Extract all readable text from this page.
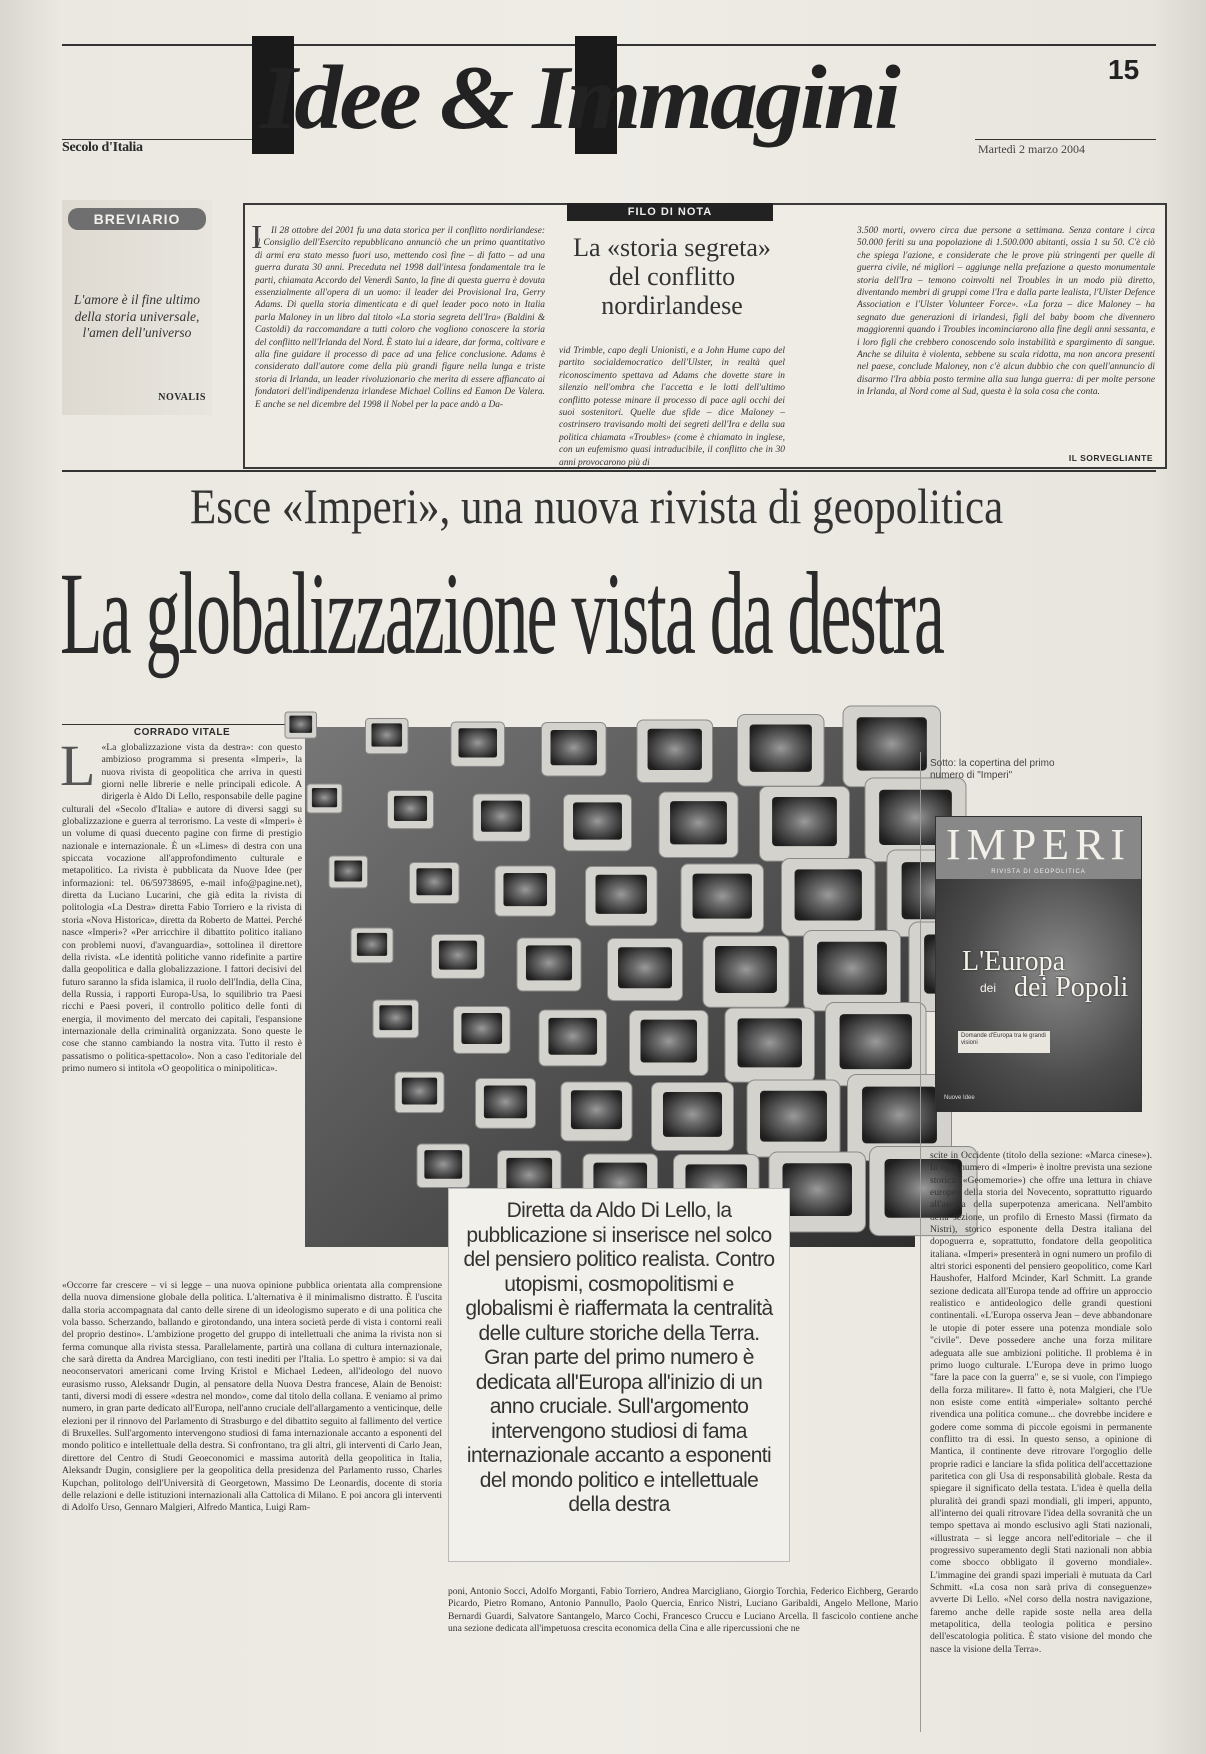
15
Secolo d'Italia Idee & Immagini
Martedì 2 marzo 2004
BREVIARIO
L'amore è il fine ultimo della storia universale, l'amen dell'universo
NOVALIS
I Il 28 ottobre del 2001 fu una data storica per il conflitto nordirlandese: il Consiglio dell'Esercito repubblicano annunciò che un primo quantitativo di armi era stato messo fuori uso, mettendo così fine – di fatto – ad una guerra durata 30 anni. Preceduta nel 1998 dall'intesa fondamentale tra le parti, chiamata Accordo del Venerdì Santo, la fine di questa guerra è dovuta essenzialmente all'opera di un uomo: il leader dei Provisional Ira, Gerry Adams. Di quella storia dimenticata e di quel leader poco noto in Italia parla Maloney in un libro dal titolo «La storia segreta dell'Ira» (Baldini & Castoldi) da raccomandare a tutti coloro che vogliono conoscere la storia del conflitto nell'Irlanda del Nord. È stato lui a ideare, dar forma, coltivare e alla fine guidare il processo di pace ad una felice conclusione. Adams è considerato dall'autore come della più grandi figure nella lunga e triste storia di Irlanda, un leader rivoluzionario che merita di essere affiancato ai fondatori dell'indipendenza irlandese Michael Collins ed Eamon De Valera. E anche se nel dicembre del 1998 il Nobel per la pace andò a Da-
FILO DI NOTA
La «storia segreta» del conflitto nordirlandese
vid Trimble, capo degli Unionisti, e a John Hume capo del partito socialdemocratico dell'Ulster, in realtà quel riconoscimento spettava ad Adams che dovette stare in silenzio nell'ombra che l'accetta e le lotti dell'ultimo conflitto potesse minare il processo di pace agli occhi dei suoi sostenitori. Quelle due sfide – dice Maloney – costrinsero travisando molti dei segreti dell'Ira e della sua politica chiamata «Troubles» (come è chiamato in inglese, con un eufemismo quasi intraducibile, il conflitto che in 30 anni provocarono più di
3.500 morti, ovvero circa due persone a settimana. Senza contare i circa 50.000 feriti su una popolazione di 1.500.000 abitanti, ossia 1 su 50. C'è ciò che spiega l'azione, e considerate che le prove più stringenti per quelle di guerra civile, né migliori – aggiunge nella prefazione a questo monumentale storia dell'Ira – temono coinvolti nel Troubles in un modo più diretto, diventando membri di gruppi come l'Ira e dalla parte lealista, l'Ulster Defence Association e l'Ulster Volunteer Force». «La forza – dice Maloney – ha segnato due generazioni di irlandesi, figli del baby boom che divennero maggiorenni quando i Troubles incominciarono alla fine degli anni sessanta, e i loro figli che crebbero conoscendo solo instabilità e spargimento di sangue. Anche se diluita è violenta, sebbene su scala ridotta, ma non ancora presenti nel paese, conclude Maloney, non c'è alcun dubbio che con quell'annuncio di disarmo l'Ira abbia posto termine alla sua lunga guerra: di per molte persone in Irlanda, al Nord come al Sud, questa è la sola cosa che conta.
IL SORVEGLIANTE
Esce «Imperi», una nuova rivista di geopolitica
La globalizzazione vista da destra
CORRADO VITALE
L «La globalizzazione vista da destra»: con questo ambizioso programma si presenta «Imperi», la nuova rivista di geopolitica che arriva in questi giorni nelle librerie e nelle principali edicole. A dirigerla è Aldo Di Lello, responsabile delle pagine culturali del «Secolo d'Italia» e autore di diversi saggi su globalizzazione e guerra al terrorismo. La veste di «Imperi» è un volume di quasi duecento pagine con firme di prestigio nazionale e internazionale. È un «Limes» di destra con una spiccata vocazione all'approfondimento culturale e metapolitico. La rivista è pubblicata da Nuove Idee (per informazioni: tel. 06/59738695, e-mail info@pagine.net), diretta da Luciano Lucarini, che già edita la rivista di politologia «La Destra» diretta Fabio Torriero e la rivista di storia «Nova Historica», diretta da Roberto de Mattei. Perché nasce «Imperi»? «Per arricchire il dibattito politico italiano con problemi nuovi, d'avanguardia», sottolinea il direttore della rivista. «Le identità politiche vanno ridefinite a partire dalla geopolitica e dalla globalizzazione. I fattori decisivi del futuro saranno la sfida islamica, il ruolo dell'India, della Cina, della Russia, i rapporti Europa-Usa, lo squilibrio tra Paesi ricchi e Paesi poveri, il controllo politico delle fonti di energia, il movimento del mercato dei capitali, l'espansione internazionale della criminalità organizzata. Sono queste le cose che stanno cambiando la nostra vita. Tutto il resto è passatismo o politica-spettacolo». Non a caso l'editoriale del primo numero si intitola «O geopolitica o minipolitica».
Diretta da Aldo Di Lello, la pubblicazione si inserisce nel solco del pensiero politico realista. Contro utopismi, cosmopolitismi e globalismi è riaffermata la centralità delle culture storiche della Terra. Gran parte del primo numero è dedicata all'Europa all'inizio di un anno cruciale. Sull'argomento intervengono studiosi di fama internazionale accanto a esponenti del mondo politico e intellettuale della destra
Sotto: la copertina del primo numero di "Imperi"
IMPERI
RIVISTA DI GEOPOLITICA
L'Europa
dei dei Popoli
Domande d'Europa tra le grandi visioni
Nuove Idee
scite in Occidente (titolo della sezione: «Marca cinese»). In ogni numero di «Imperi» è inoltre prevista una sezione storica («Geomemorie») che offre una lettura in chiave europea della storia del Novecento, soprattutto riguardo all'ascesa della superpotenza americana. Nell'ambito della sezione, un profilo di Ernesto Massi (firmato da Nistri), storico esponente della Destra italiana del dopoguerra e, soprattutto, fondatore della geopolitica italiana. «Imperi» presenterà in ogni numero un profilo di altri storici esponenti del pensiero geopolitico, come Karl Haushofer, Halford Mcinder, Karl Schmitt. La grande sezione dedicata all'Europa tende ad offrire un approccio realistico e antideologico delle grandi questioni continentali. «L'Europa osserva Jean – deve abbandonare le utopie di poter essere una potenza mondiale solo "civile". Deve possedere anche una forza militare adeguata alle sue ambizioni politiche. Il problema è in primo luogo culturale. L'Europa deve in primo luogo "fare la pace con la guerra" e, se si vuole, con l'impiego della forza militare». Il fatto è, nota Malgieri, che l'Ue non esiste come entità «imperiale» soltanto perché rivendica una politica comune... che dovrebbe incidere e godere come somma di piccole egoismi in permanente conflitto tra di essi. In questo senso, a opinione di Mantica, il continente deve ritrovare l'orgoglio delle proprie radici e lanciare la sfida politica dell'accettazione paritetica con gli Usa di responsabilità globale. Resta da spiegare il significato della testata. L'idea è quella della pluralità dei grandi spazi mondiali, gli imperi, appunto, all'interno dei quali ritrovare l'idea della sovranità che un tempo spettava ai mondo esclusivo agli Stati nazionali, «illustrata – si legge ancora nell'editoriale – che il progressivo superamento degli Stati nazionali non abbia come sbocco obbligato il governo mondiale». L'immagine dei grandi spazi imperiali è mutuata da Carl Schmitt. «La cosa non sarà priva di conseguenze» avverte Di Lello. «Nel corso della nostra navigazione, faremo anche delle rapide soste nella area della metapolitica, della teologia politica e persino dell'escatologia politica. È stato visione del mondo che nasce la visione della Terra».
«Occorre far crescere – vi si legge – una nuova opinione pubblica orientata alla comprensione della nuova dimensione globale della politica. L'alternativa è il minimalismo distratto. È l'uscita dalla storia accompagnata dal canto delle sirene di un ideologismo superato e di una politica che vola basso. Scherzando, ballando e girotondando, una intera società perde di vista i contorni reali del proprio destino». L'ambizione progetto del gruppo di intellettuali che anima la rivista non si ferma comunque alla rivista stessa. Parallelamente, partirà una collana di cultura internazionale, che sarà diretta da Andrea Marcigliano, con testi inediti per l'Italia. Lo spettro è ampio: si va dai neoconservatori americani come Irving Kristol e Michael Ledeen, all'ideologo del nuovo eurasismo russo, Aleksandr Dugin, al pensatore della Nuova Destra francese, Alain de Benoist: tanti, diversi modi di essere «destra nel mondo», come dal titolo della collana. E veniamo al primo numero, in gran parte dedicato all'Europa, nell'anno cruciale dell'allargamento a venticinque, delle elezioni per il rinnovo del Parlamento di Strasburgo e del dibattito seguito al fallimento del vertice di Bruxelles. Sull'argomento intervengono studiosi di fama internazionale accanto a esponenti del mondo politico e intellettuale della destra. Si confrontano, tra gli altri, gli interventi di Carlo Jean, direttore del Centro di Studi Geoeconomici e massima autorità della geopolitica in Italia, Aleksandr Dugin, consigliere per la geopolitica della presidenza del Parlamento russo, Charles Kupchan, politologo dell'Università di Georgetown, Massimo De Leonardis, docente di storia delle relazioni e delle istituzioni internazionali alla Cattolica di Milano. E poi ancora gli interventi di Adolfo Urso, Gennaro Malgieri, Alfredo Mantica, Luigi Ram-
poni, Antonio Socci, Adolfo Morganti, Fabio Torriero, Andrea Marcigliano, Giorgio Torchia, Federico Eichberg, Gerardo Picardo, Pietro Romano, Antonio Pannullo, Paolo Quercia, Enrico Nistri, Luciano Garibaldi, Angelo Mellone, Mario Bernardi Guardi, Salvatore Santangelo, Marco Cochi, Francesco Cruccu e Luciano Arcella. Il fascicolo contiene anche una sezione dedicata all'impetuosa crescita economica della Cina e alle ripercussioni che ne
